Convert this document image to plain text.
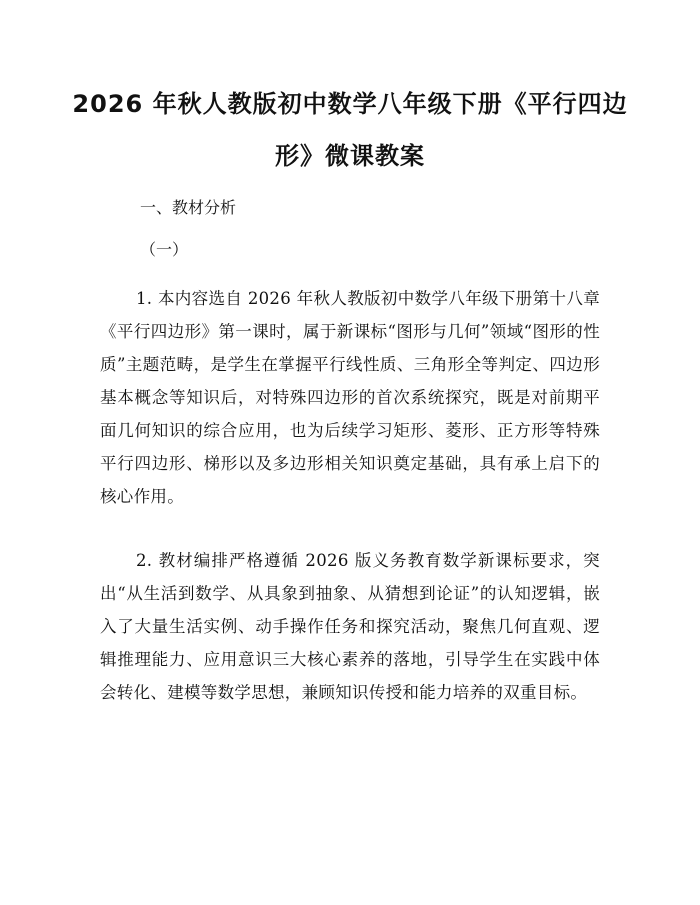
2026 年秋人教版初中数学八年级下册《平行四边形》微课教案

一、教材分析

（一）

1. 本内容选自 2026 年秋人教版初中数学八年级下册第十八章《平行四边形》第一课时，属于新课标“图形与几何”领域“图形的性质”主题范畴，是学生在掌握平行线性质、三角形全等判定、四边形基本概念等知识后，对特殊四边形的首次系统探究，既是对前期平面几何知识的综合应用，也为后续学习矩形、菱形、正方形等特殊平行四边形、梯形以及多边形相关知识奠定基础，具有承上启下的核心作用。

2. 教材编排严格遵循 2026 版义务教育数学新课标要求，突出“从生活到数学、从具象到抽象、从猜想到论证”的认知逻辑，嵌入了大量生活实例、动手操作任务和探究活动，聚焦几何直观、逻辑推理能力、应用意识三大核心素养的落地，引导学生在实践中体会转化、建模等数学思想，兼顾知识传授和能力培养的双重目标。
